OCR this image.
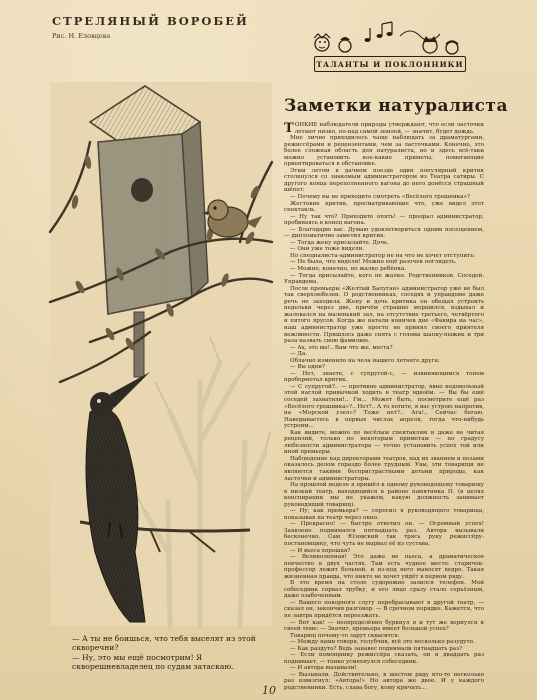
СТРЕЛЯНЫЙ ВОРОБЕЙ
Рис. Н. Еловцева
ТАЛАНТЫ И ПОКЛОННИКИ
Заметки натуралиста
Т ОНКИЕ наблюдатели природы утверждают, что если ласточки летают низко, по-над самой землей, — значит, будет дождь.

Мне лично приходилось чаще наблюдать за драматургами, режиссёрами и рецензентами, чем за ласточками. Конечно, это более сложная область для натуралиста, но и здесь всё-таки можно установить кое-какие приметы, помогающие ориентироваться в обстановке.

Этим летом в дачном поезде один популярный критик столкнулся со знакомым администратором из Театра сатиры. С другого конца переполненного вагона до него донёсся страшный шёпот:

— Почему вы не приходите смотреть «Весёлого грешника»?

Жестокие критик, просматривающие что, уже видел этот спектакль.

— Ну так что? Приходите опять! — проорал администратор, пробиваясь в конец вагона.

— Благодарю вас. Думаю удовлетвориться одним посещением, — дипломатично заметил критик.

— Тогда жену присылайте. Дочь.

— Они уже тоже видели.

Но специалиста-администратор не на что не хочет отступить:

— Не была, что видели! Можно ещё разочек поглядеть.

— Можно, конечно, но жалко ребёнка.

— Тогда присылайте, кого не жалко. Родственников. Соседей. Управдома.

После премьеры «Желтый Балуган» администратор уже не был так сверхлюбезен. О родственниках, соседях и управдоме даже речь не заходила. Жену и дочь критика он обещал устроить недельки через две, причём страшно морщился, вздыхал и жаловался на маленький зал, на отсутствие третьего, четвёртого и пятого ярусов. Когда же натали коничев дне «Факира на час», наш администратор уже просто не принял своего приятеля вежливости. Пришлось даже снять с головы шапку-пыжик и три раза назвать свою фамилию.

— Ах, это вы!.. Вам что же, места?

— Да.

Облачно изменило на чела нашего летнего друга:

— Вы одни?

— Нет, знаете, с супругой-с, — извиняющимся тоном пробормотал критик.

— С супругой?.. — противно администратор, явно недовольный этой наглой привычкой ходить в театр вдвоём. — Вы бы ещё соседей захватили!.. Гм... Может быть, посмотрите ещё раз «Весёлого грешника»?.. Нет?.. А то хотите, я вас устрою напротив, на «Морской узел»? Тоже нет?.. Ага!.. Сейчас бегаю. Наведываетесь в первых числах апреля, тогда что-нибудь устроим...

Как видите, можно по весёлым спектаклям и даже не читая рецензий, только по некоторым приметам — по градусу любезности администратора — точно установить успех той или иной премьеры.

Наблюдение над директорами театров, над их званием и позами оказалось делом гораздо более трудным. Увы, эти товарищи не являются такими беспристрастными детьми природы, как ласточки и администраторы.

На прошлой неделе я пришёл к одному руководящему товарищу в низкий театр, находящийся в районе памятника П. (в целях конспирации мы не укажем, какую должность занимает руководящий товарищ).

— Ну, как премьера? — спросил я руководящего товарища, показывая на театр через окно.

— Прекрасно! — быстро ответил он. — Огромный успех! Заявлено поднимался пятнадцать раз. Автора вызывали бесконечно. Сам Юзовский так трясь руку режиссёру-постановщику, что чуть не вырвал её из сустава.

— И вьеса хорошая?

— Великолепная! Это даже не пьеса, а драматическое певчество в двух частях. Там есть чудное место: старичок-профессор лежит больной, и из-под него выносят ведро. Такая жизненная правда, что никто не хочет уйдёт в первом ряду.

В это время на столе судорожно залился телефон. Мой собеседник сорвал трубку, и его лицо сразу стало серьёзным, даже озабоченным.

— Вашего покорного слугу перебрасывают в другой театр, — сказал он, закончив разговор. — В срочном порядке. Кажется, что не завтра придётся переезжать.

— Вот как! — неопределённо буркнул я и тут же вернулся к своей теме: — Значит, премьера имеет большой успех?

Товарищ почему-то зарут сквасится:

— Между нами говоря, голубчик, всё это несколько разудуто.

— Как раздуто? Ведь занавес поднимали пятнадцать раз?

— Если помощнику режиссёра сказать, он и двадцать раз поднимает, — тонко усмехнулся собеседник.

— И автора вызывали!

— Вызывали. Действительно, в шестом ряду кто-то несколько раз взвизгнул: «Автора!» Но автора же двое. И у каждого родственники. Есть, слава богу, кому кричать...

— А ты не боишься, что тебя выселят из этой скворечни?

— Ну, это мы ещё посмотрим! Я скворешневладелец по судам затаскаю.

10
